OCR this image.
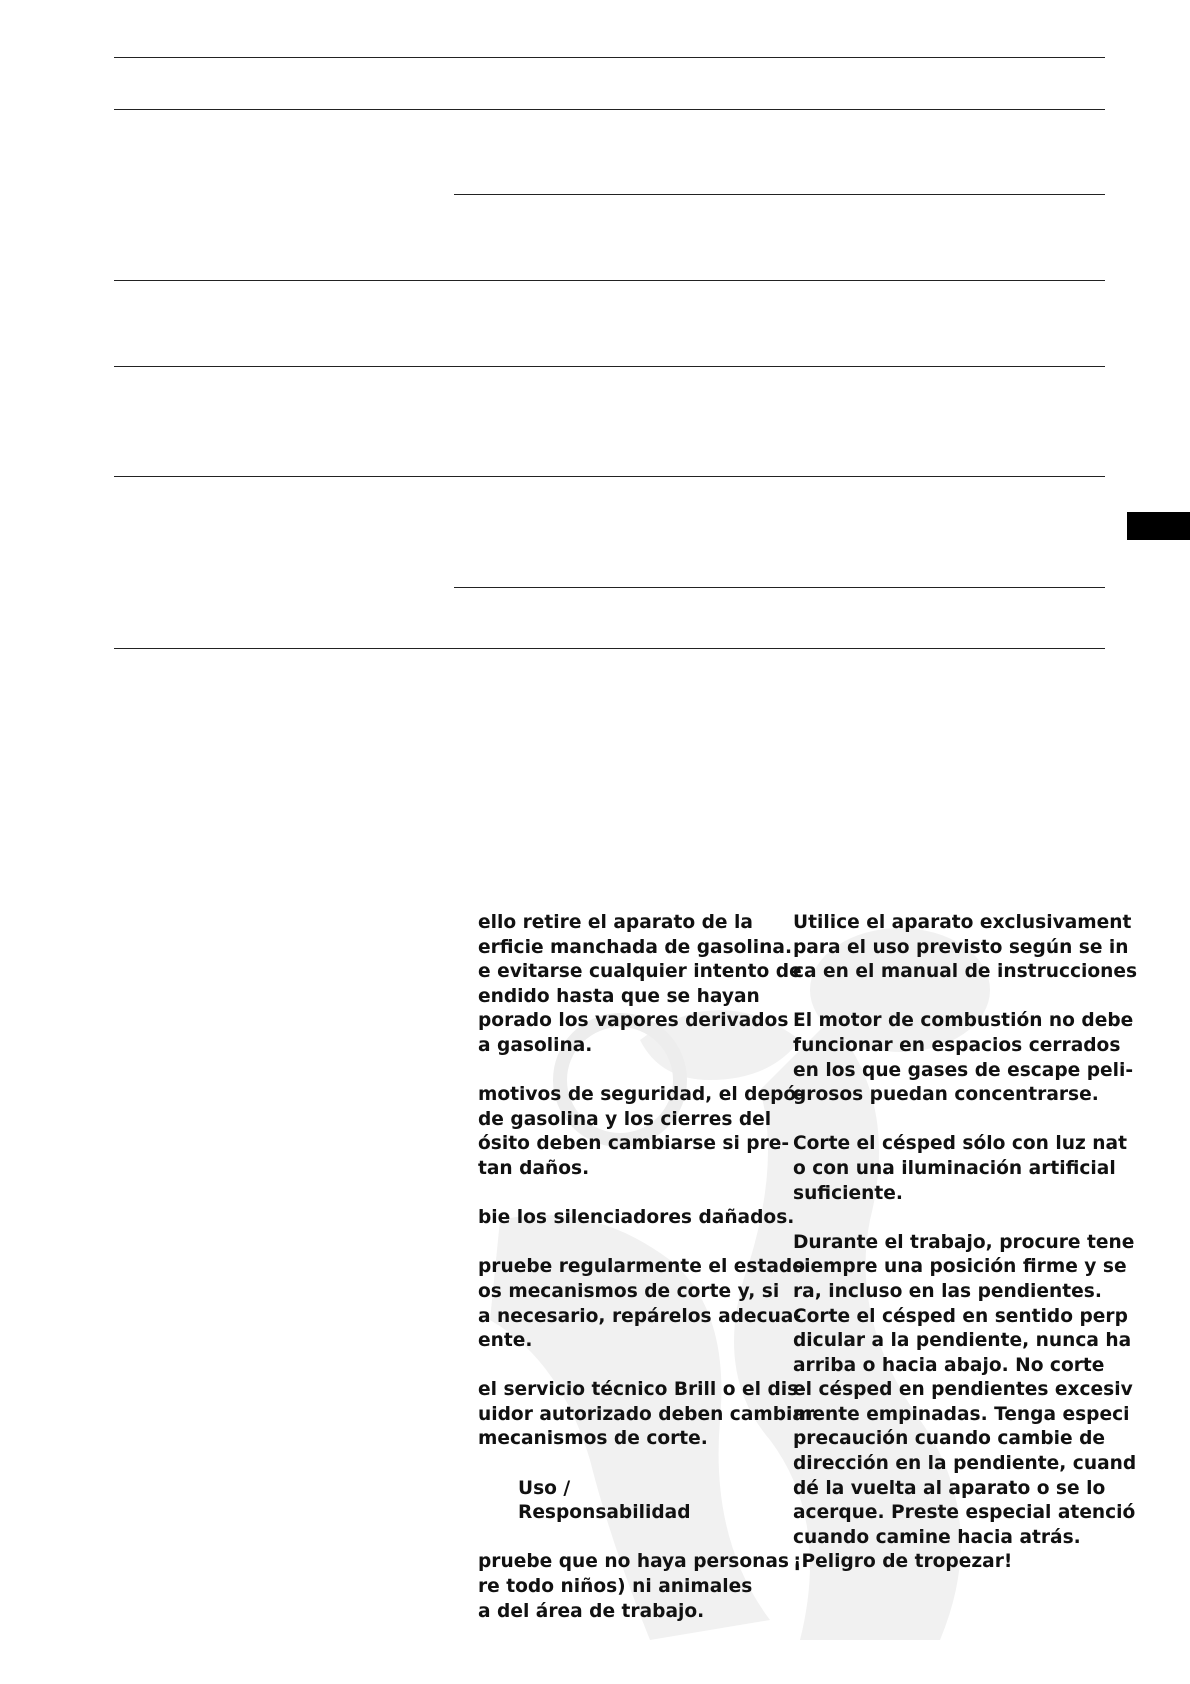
ello retire el aparato de la
erficie manchada de gasolina.
e evitarse cualquier intento de
endido hasta que se hayan
porado los vapores derivados
a gasolina.
motivos de seguridad, el depó-
de gasolina y los cierres del
ósito deben cambiarse si pre-
tan daños.
bie los silenciadores dañados.
pruebe regularmente el estado
os mecanismos de corte y, si
a necesario, repárelos adecua-
ente.
el servicio técnico Brill o el dis-
uidor autorizado deben cambiar
mecanismos de corte.
Uso /
Responsabilidad
pruebe que no haya personas
re todo niños) ni animales
a del área de trabajo.
Utilice el aparato exclusivament
para el uso previsto según se in
ca en el manual de instrucciones
El motor de combustión no debe
funcionar en espacios cerrados
en los que gases de escape peli-
grosos puedan concentrarse.
Corte el césped sólo con luz nat
o con una iluminación artificial
suficiente.
Durante el trabajo, procure tene
siempre una posición firme y se
ra, incluso en las pendientes.
Corte el césped en sentido perp
dicular a la pendiente, nunca ha
arriba o hacia abajo. No corte
el césped en pendientes excesiv
mente empinadas. Tenga especi
precaución cuando cambie de
dirección en la pendiente, cuand
dé la vuelta al aparato o se lo
acerque. Preste especial atenció
cuando camine hacia atrás.
¡Peligro de tropezar!
